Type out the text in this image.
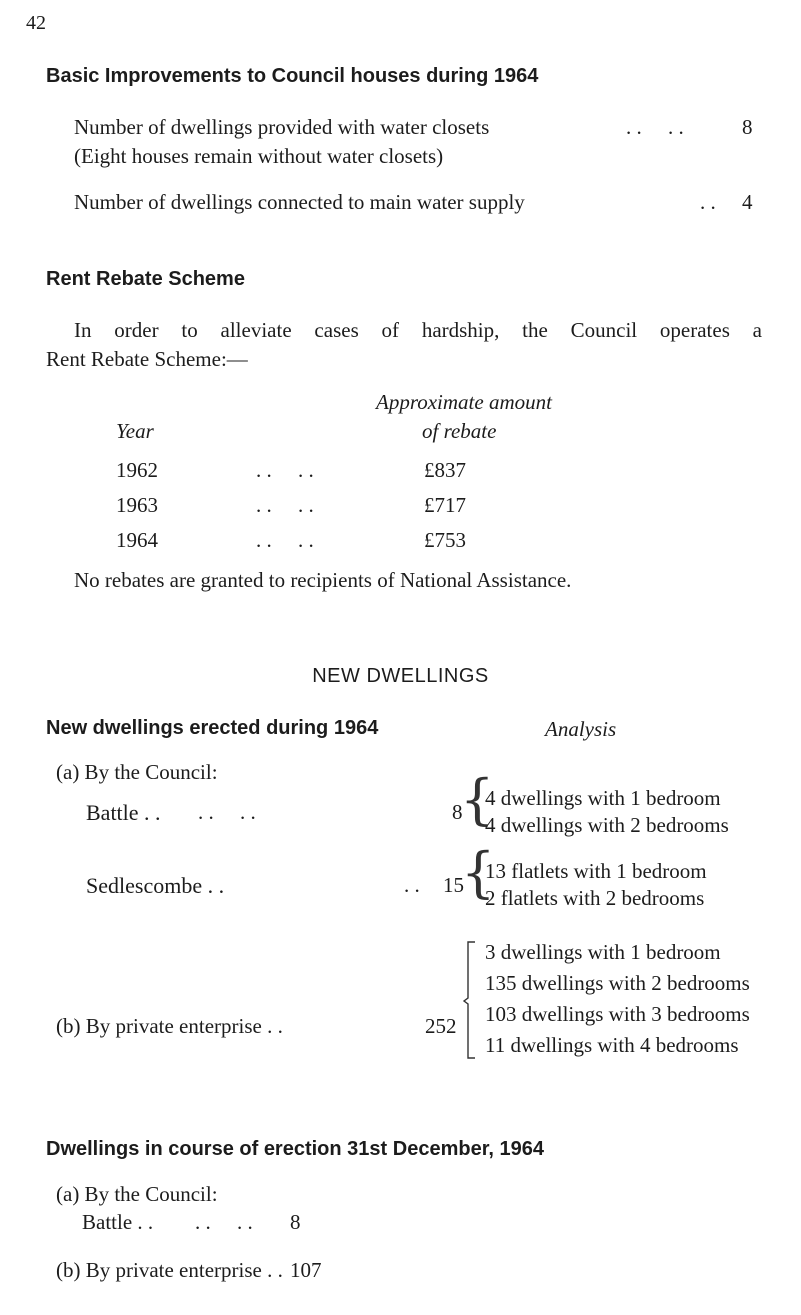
42
Basic Improvements to Council houses during 1964
Number of dwellings provided with water closets	. .     . .	8
(Eight houses remain without water closets)
Number of dwellings connected to main water supply	. . 4
Rent Rebate Scheme
In order to alleviate cases of hardship, the Council operates a
Rent Rebate Scheme:—
Approximate amount
Year	of rebate
1962	. .     . .	£837
1963	. .     . .	£717
1964	. .     . .	£753
No rebates are granted to recipients of National Assistance.
NEW DWELLINGS
New dwellings erected during 1964	Analysis
(a) By the Council:
Battle . . . .     . .	8
{
4 dwellings with 1 bedroom
4 dwellings with 2 bedrooms
Sedlescombe . .	. . 15
{
13 flatlets with 1 bedroom
2 flatlets with 2 bedrooms
(b) By private enterprise . .	252
3 dwellings with 1 bedroom
135 dwellings with 2 bedrooms
103 dwellings with 3 bedrooms
11 dwellings with 4 bedrooms
Dwellings in course of erection 31st December, 1964
(a) By the Council:
Battle . . . .     . . 8
(b) By private enterprise . . 107
